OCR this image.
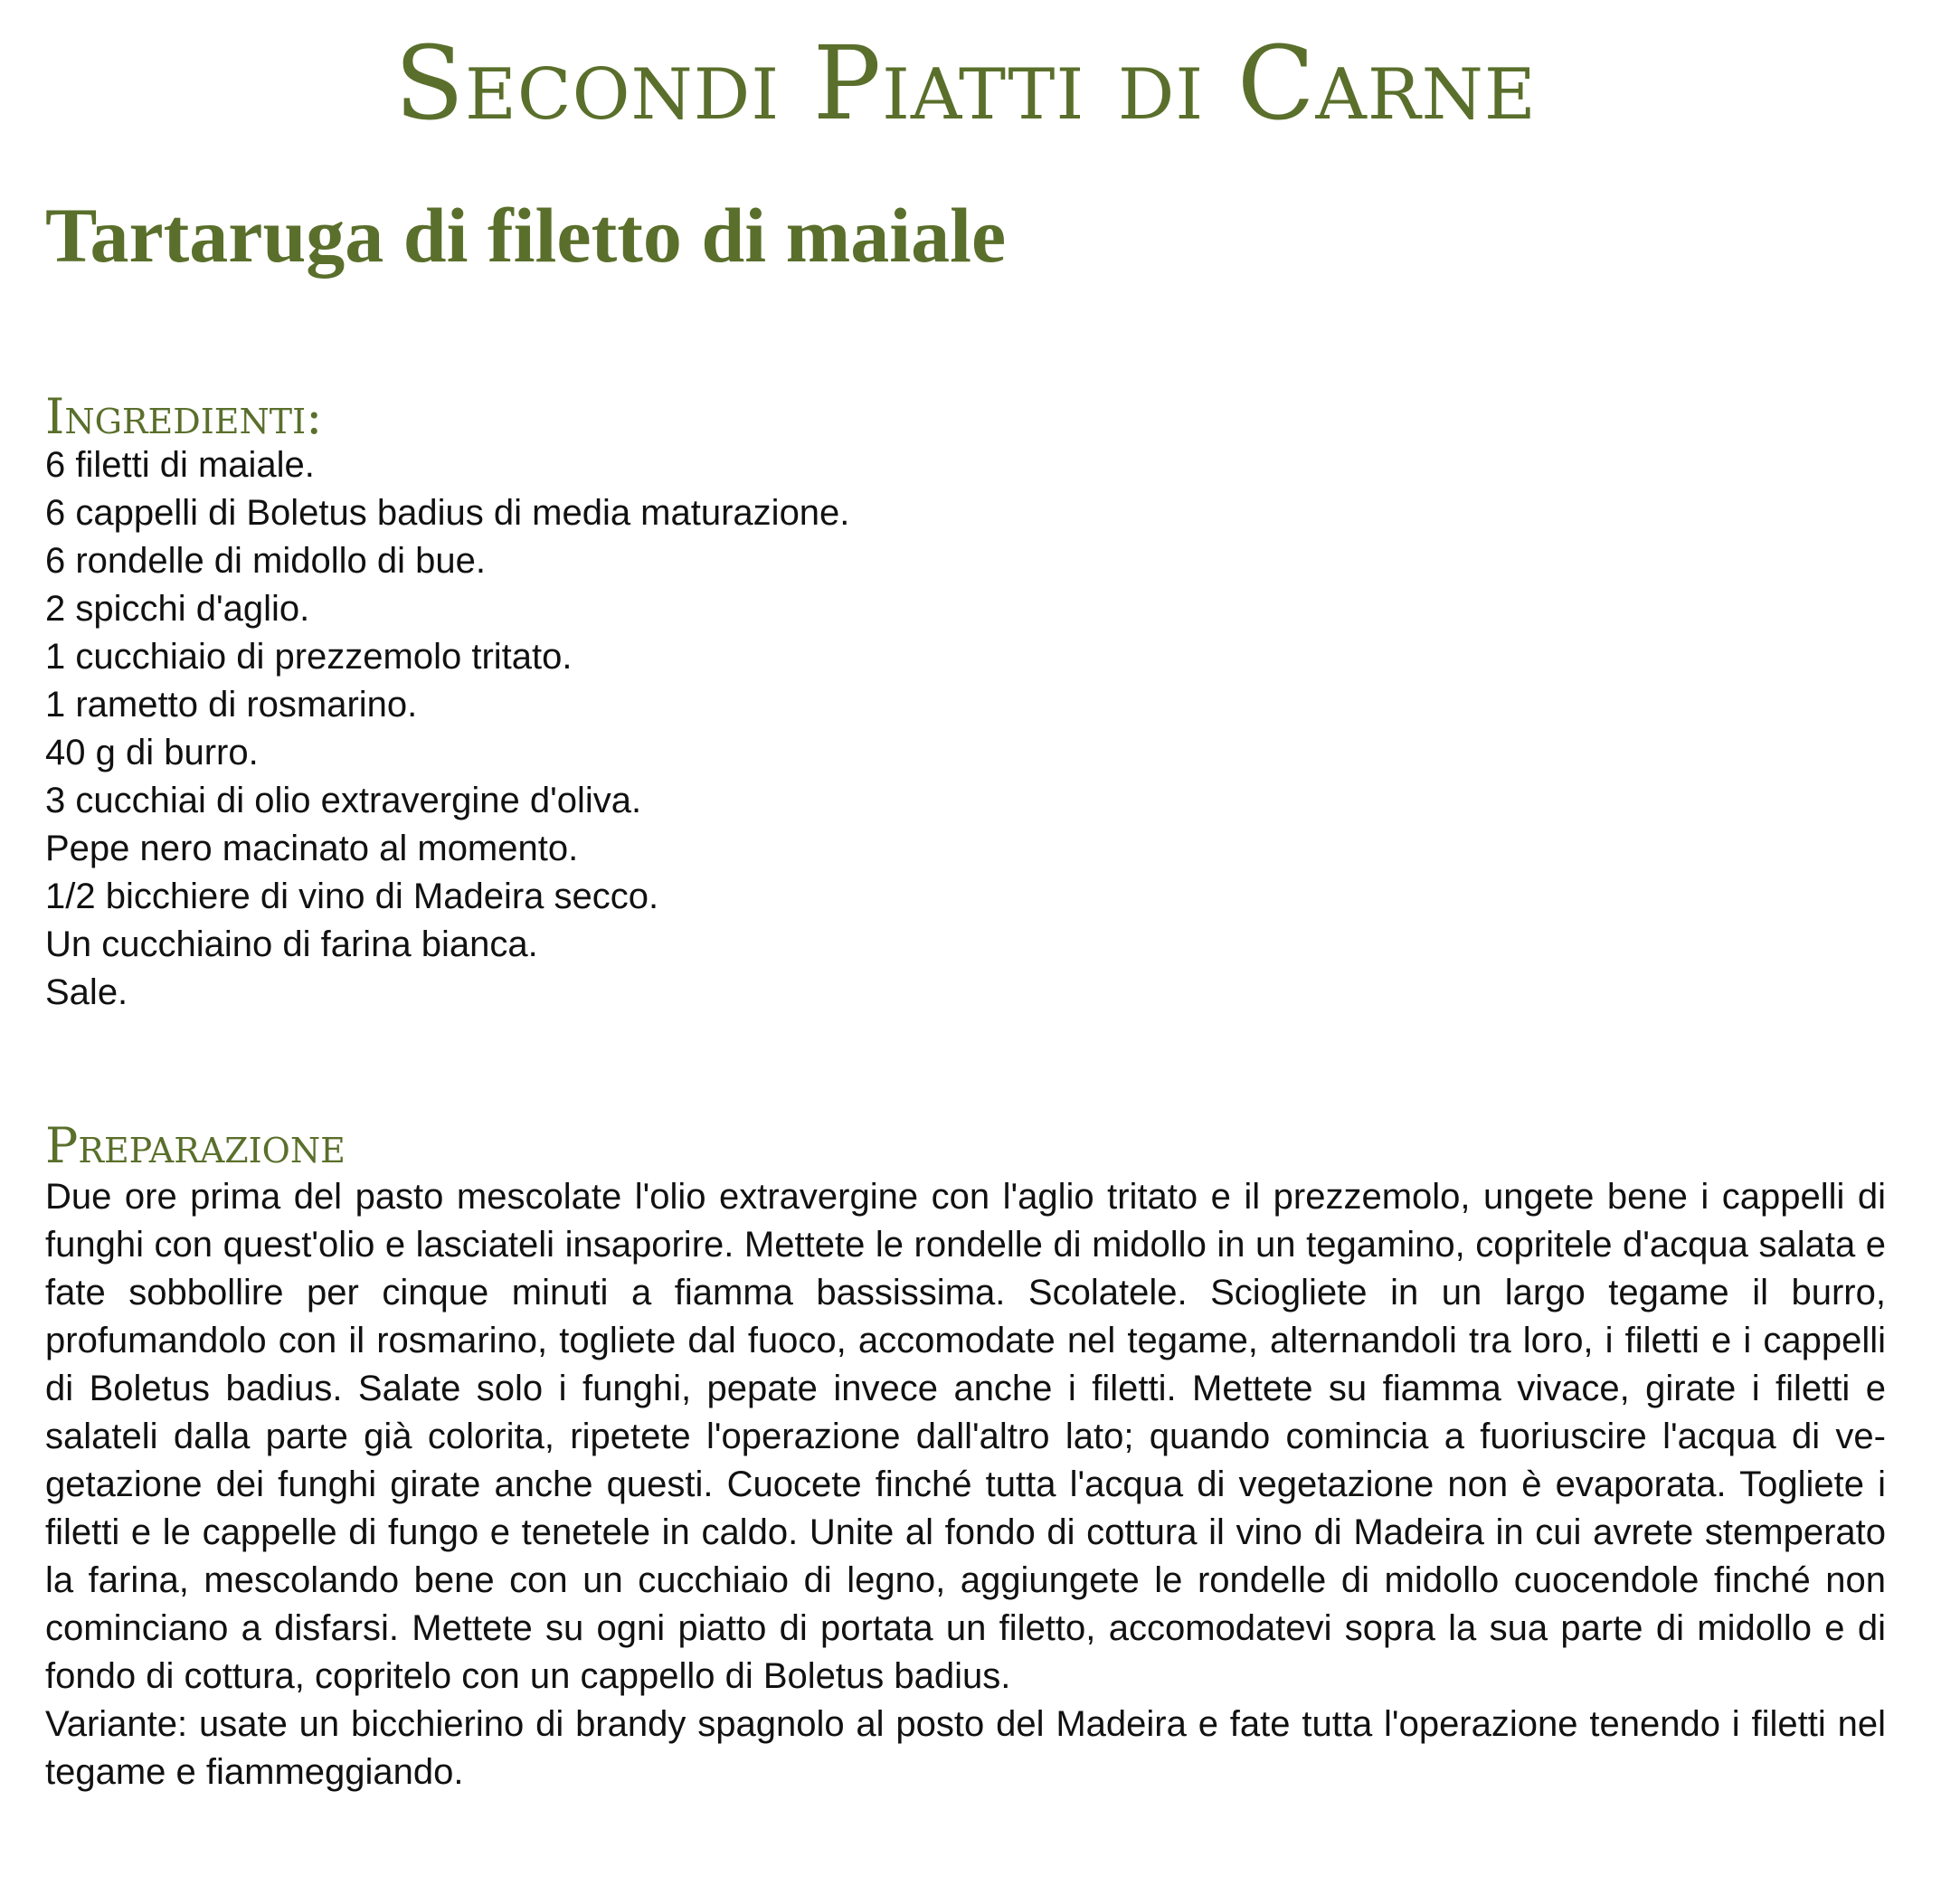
Secondi Piatti di Carne
Tartaruga di filetto di maiale
Ingredienti:
6 filetti di maiale.
6 cappelli di Boletus badius di media maturazione.
6 rondelle di midollo di bue.
2 spicchi d'aglio.
1 cucchiaio di prezzemolo tritato.
1 rametto di rosmarino.
40 g di burro.
3 cucchiai di olio extravergine d'oliva.
Pepe nero macinato al momento.
1/2 bicchiere di vino di Madeira secco.
Un cucchiaino di farina bianca.
Sale.
Preparazione

Due ore prima del pasto mescolate l'olio extravergine con l'aglio tritato e il prezzemolo, ungete bene i cappelli di funghi con quest'olio e lasciateli insaporire. Mettete le rondelle di midollo in un tegamino, copritele d'acqua salata e fate sobbollire per cinque minuti a fiamma bassissima. Scolatele. Sciogliete in un largo tegame il burro, profumandolo con il rosmarino, togliete dal fuoco, accomodate nel tegame, alternandoli tra loro, i filetti e i cappelli di Boletus badius. Salate solo i funghi, pepate invece anche i filetti. Mettete su fiamma vivace, girate i filetti e salateli dalla parte già colorita, ripetete l'operazione dall'altro lato; quando comincia a fuoriuscire l'acqua di vegetazione dei funghi girate anche questi. Cuocete finché tutta l'acqua di vegetazione non è evaporata. Togliete i filetti e le cappelle di fungo e tenetele in caldo. Unite al fondo di cottura il vino di Madeira in cui avrete stemperato la farina, mescolando bene con un cucchiaio di legno, aggiungete le rondelle di midollo cuocendole finché non cominciano a disfarsi. Mettete su ogni piatto di portata un filetto, accomodatevi sopra la sua parte di midollo e di fondo di cottura, copritelo con un cappello di Boletus badius.

Variante: usate un bicchierino di brandy spagnolo al posto del Madeira e fate tutta l'operazione tenendo i filetti nel tegame e fiammeggiando.
